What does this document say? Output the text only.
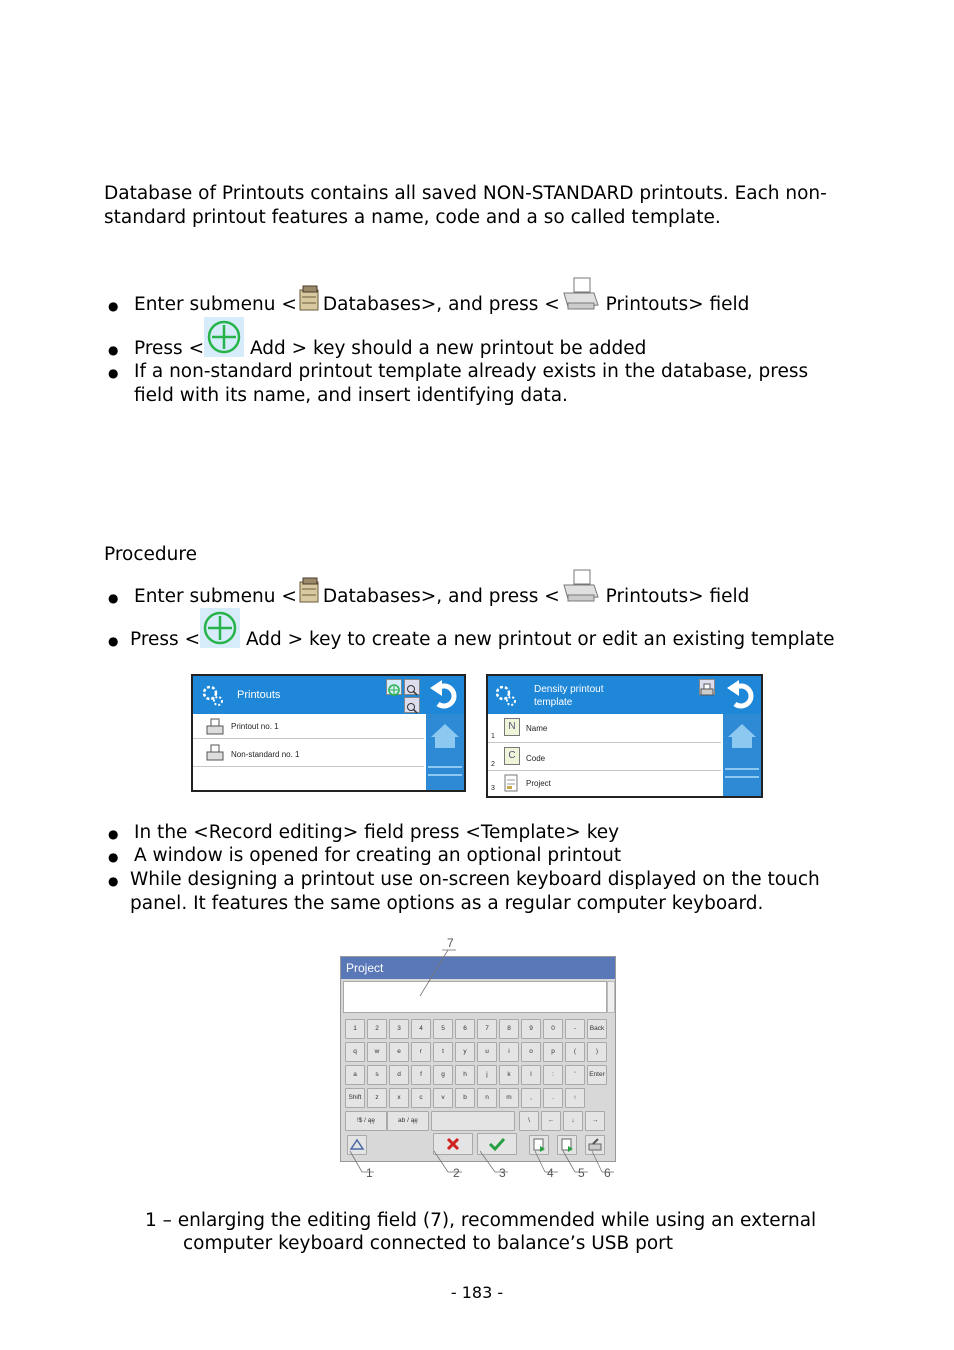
Database of Printouts contains all saved NON-STANDARD printouts. Each non-
standard printout features a name, code and a so called template.
● Enter submenu < Databases>, and press < Printouts> field
● Press < Add > key should a new printout be added
● If a non-standard printout template already exists in the database, press
field with its name, and insert identifying data.
Procedure
● Enter submenu < Databases>, and press < Printouts> field
● Press < Add > key to create a new printout or edit an existing template
Printouts
Printout no. 1
Non-standard no. 1
Density printout
template
1
N	Name
2
C	Code
3
Project
● In the <Record editing> field press <Template> key
● A window is opened for creating an optional printout
● While designing a printout use on-screen keyboard displayed on the touch
panel. It features the same options as a regular computer keyboard.
Project
1	2	3	4	5	6	7	8	9	0	-	Back
q	w	e	r	t	y	u	i	o	p	(	)
a	s	d	f	g	h	j	k	l	:	'	Enter
Shift	z	x	c	v	b	n	m	,	.	↑
!$ / ąę	ab / ąę	\	←	↓	→
7
1	2	3	4 5 6
1 – enlarging the editing field (7), recommended while using an external
computer keyboard connected to balance’s USB port
- 183 -
